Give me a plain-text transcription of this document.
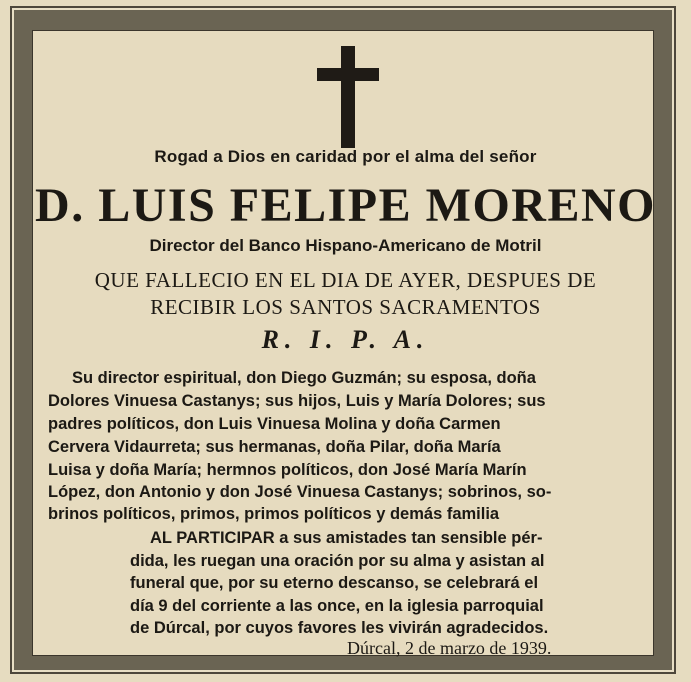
Rogad a Dios en caridad por el alma del señor
D. LUIS FELIPE MORENO
Director del Banco Hispano-Americano de Motril
QUE FALLECIO EN EL DIA DE AYER, DESPUES DE
RECIBIR LOS SANTOS SACRAMENTOS
R. I. P. A.
Su director espiritual, don Diego Guzmán; su esposa, doña
Dolores Vinuesa Castanys; sus hijos, Luis y María Dolores; sus
padres políticos, don Luis Vinuesa Molina y doña Carmen
Cervera Vidaurreta; sus hermanas, doña Pilar, doña María
Luisa y doña María; hermnos políticos, don José María Marín
López, don Antonio y don José Vinuesa Castanys; sobrinos, so-
brinos políticos, primos, primos políticos y demás familia
AL PARTICIPAR a sus amistades tan sensible pér-
dida, les ruegan una oración por su alma y asistan al
funeral que, por su eterno descanso, se celebrará el
día 9 del corriente a las once, en la iglesia parroquial
de Dúrcal, por cuyos favores les vivirán agradecidos.
Dúrcal, 2 de marzo de 1939.
